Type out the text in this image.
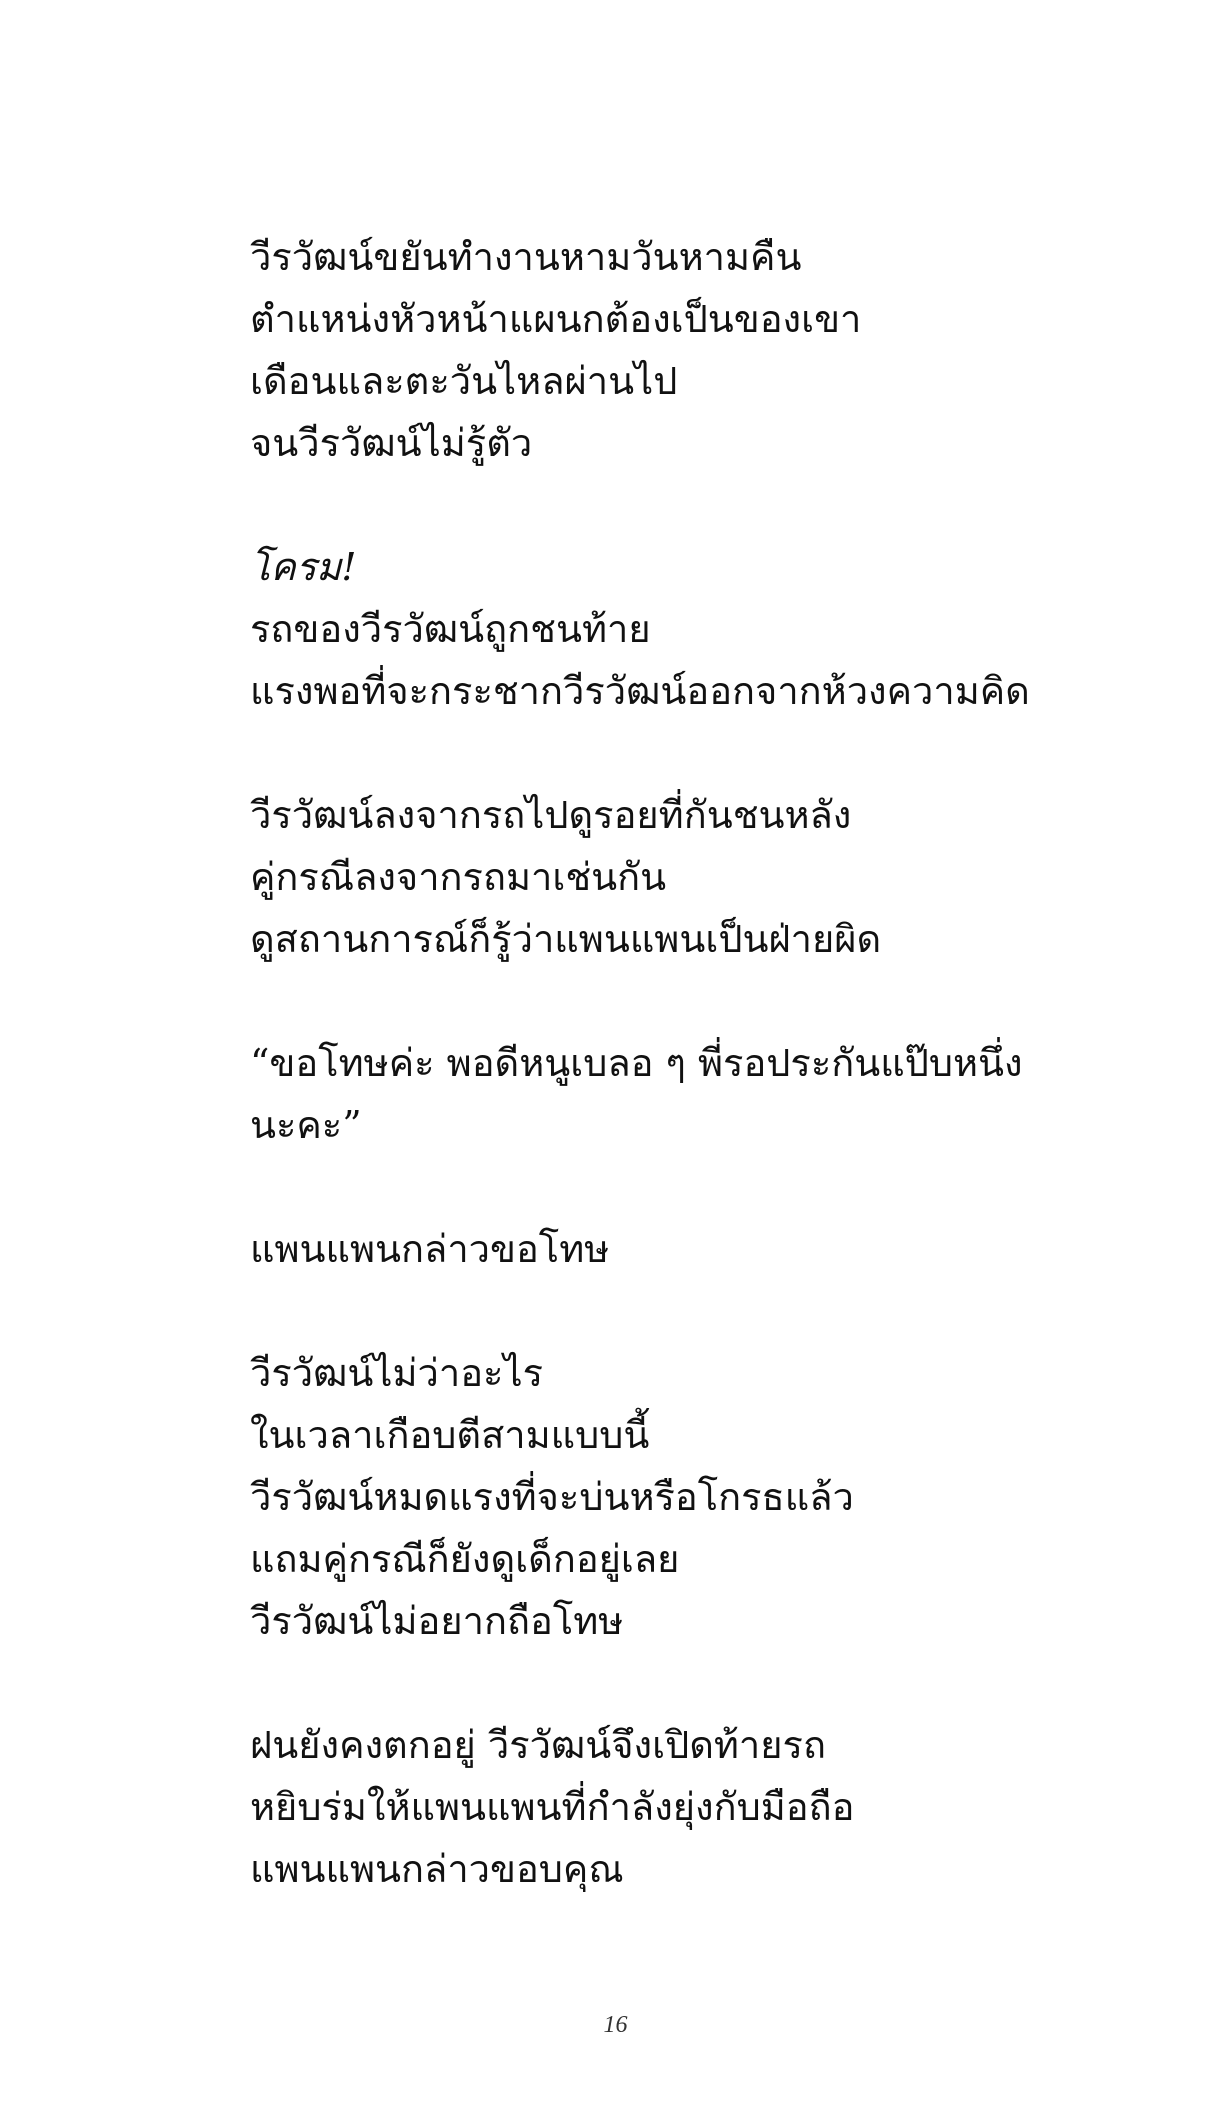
วีรวัฒน์ขยันทำงานหามวันหามคืน

ตำแหน่งหัวหน้าแผนกต้องเป็นของเขา

เดือนและตะวันไหลผ่านไป

จนวีรวัฒน์ไม่รู้ตัว

โครม!

รถของวีรวัฒน์ถูกชนท้าย

แรงพอที่จะกระชากวีรวัฒน์ออกจากห้วงความคิด

วีรวัฒน์ลงจากรถไปดูรอยที่กันชนหลัง

คู่กรณีลงจากรถมาเช่นกัน

ดูสถานการณ์ก็รู้ว่าแพนแพนเป็นฝ่ายผิด

“ขอโทษค่ะ พอดีหนูเบลอ ๆ พี่รอประกันแป๊บหนึ่ง

นะคะ”

แพนแพนกล่าวขอโทษ

วีรวัฒน์ไม่ว่าอะไร

ในเวลาเกือบตีสามแบบนี้

วีรวัฒน์หมดแรงที่จะบ่นหรือโกรธแล้ว

แถมคู่กรณีก็ยังดูเด็กอยู่เลย

วีรวัฒน์ไม่อยากถือโทษ

ฝนยังคงตกอยู่ วีรวัฒน์จึงเปิดท้ายรถ

หยิบร่มให้แพนแพนที่กำลังยุ่งกับมือถือ

แพนแพนกล่าวขอบคุณ

16
